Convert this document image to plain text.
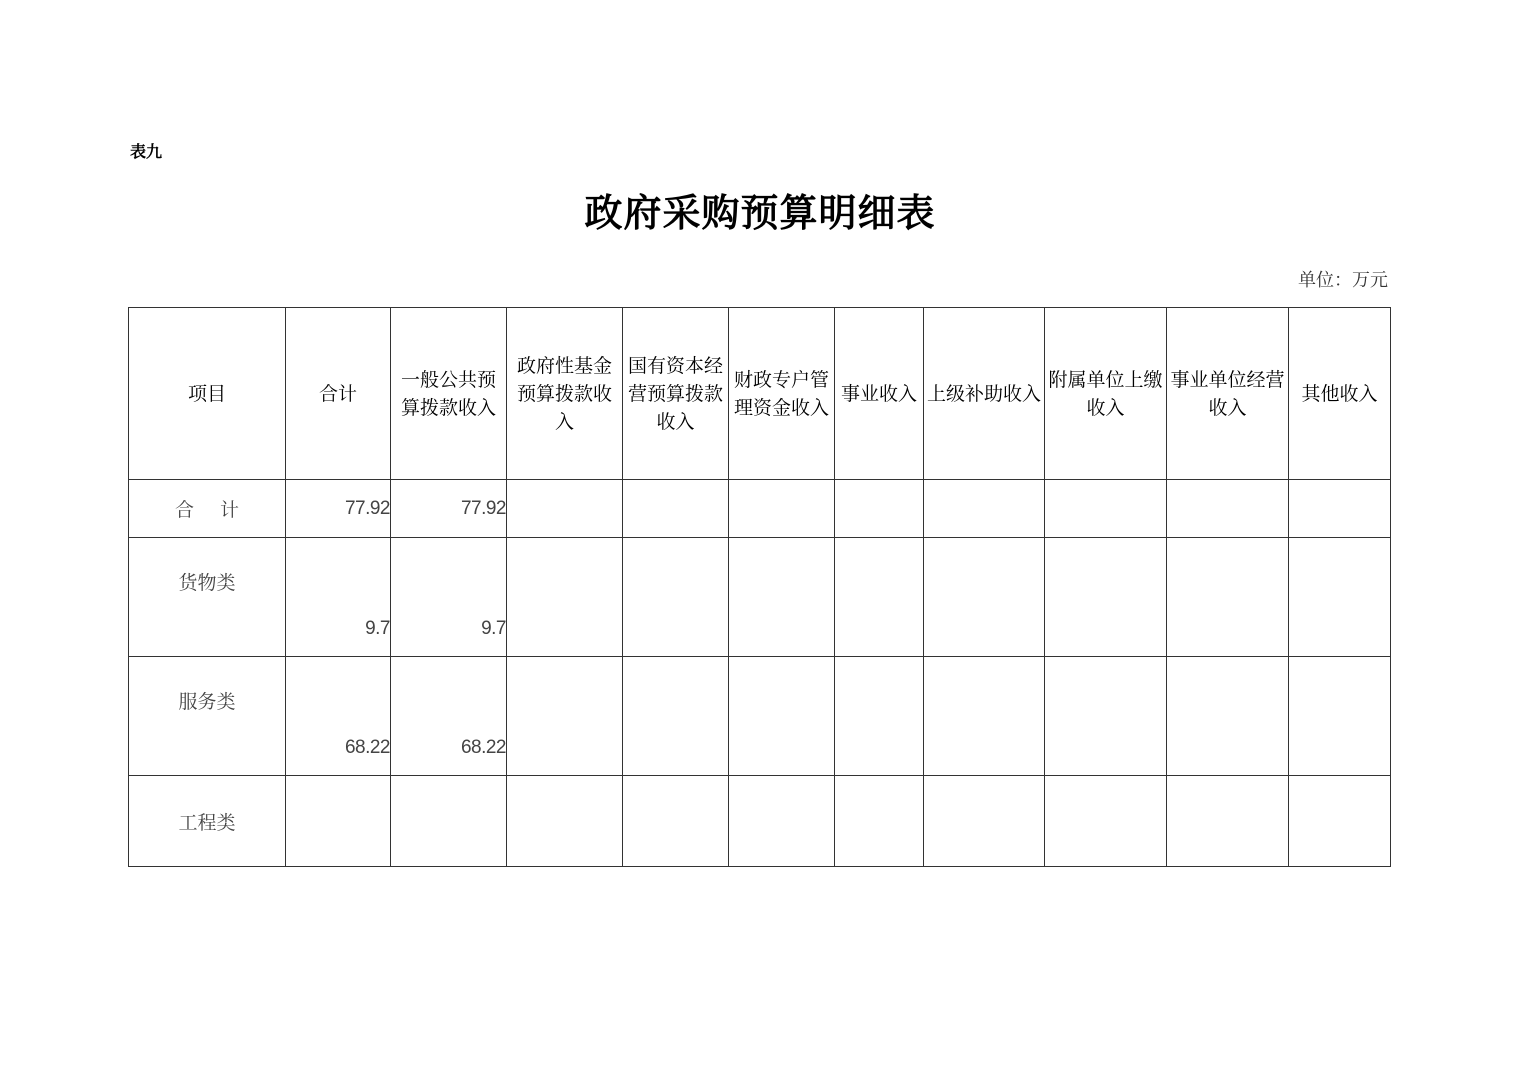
表九
政府采购预算明细表
单位：万元
项目	合计	一般公共预算拨款收入	政府性基金预算拨款收入	国有资本经营预算拨款收入	财政专户管理资金收入	事业收入	上级补助收入	附属单位上缴收入	事业单位经营收入	其他收入
合计	77.92	77.92								
货物类	9.7	9.7								
服务类	68.22	68.22								
工程类										
